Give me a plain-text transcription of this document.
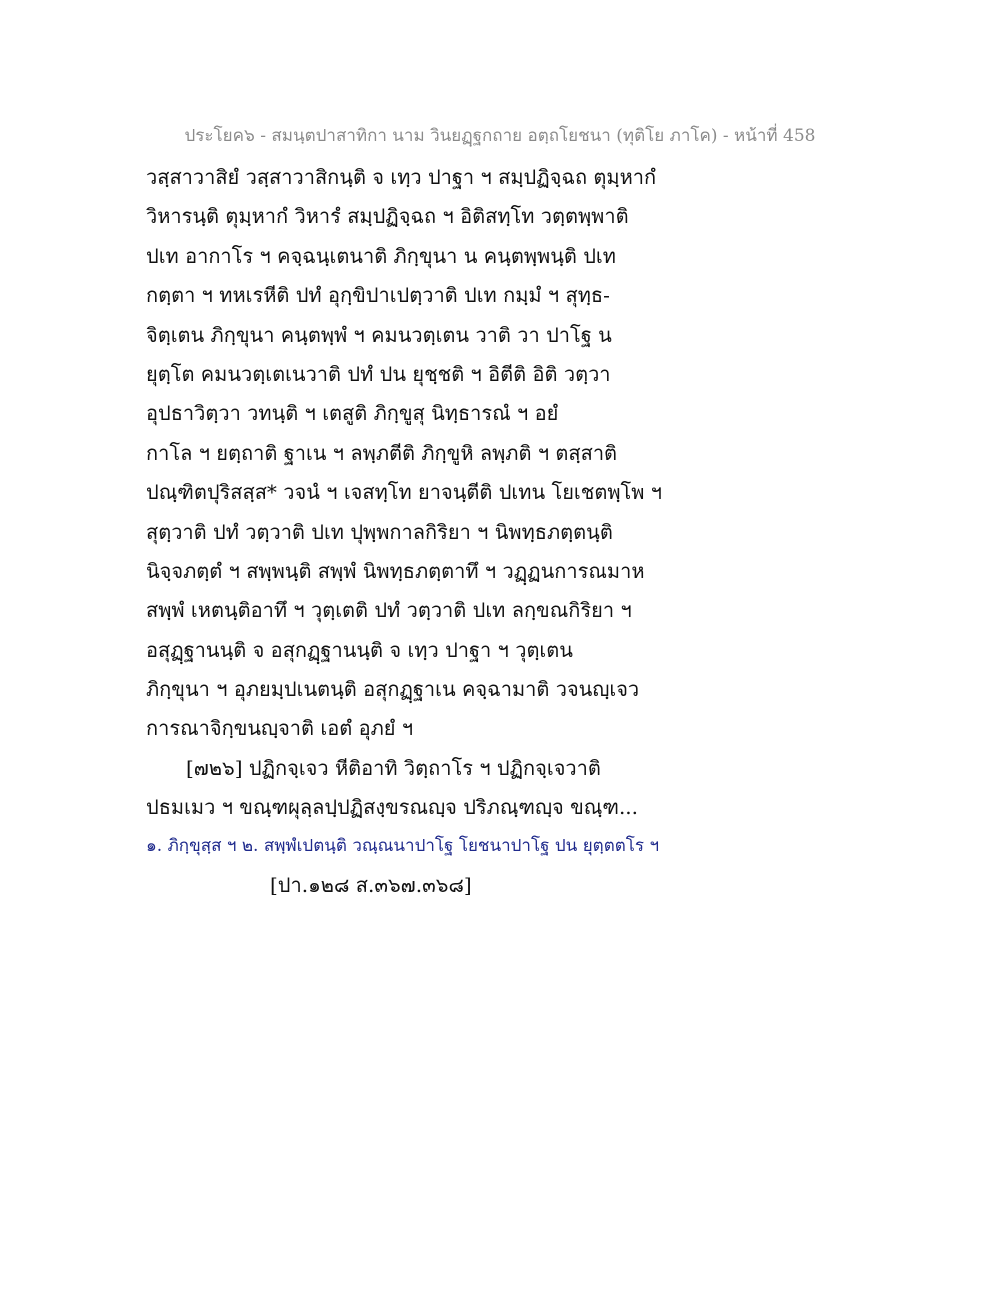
ประโยค๖ - สมนฺตปาสาทิกา นาม วินยฏฺฐกถาย อตฺถโยชนา (ทุติโย ภาโค) - หน้าที่ 458
วสฺสาวาสิยํ วสฺสาวาสิกนฺติ จ เทฺว ปาฐา ฯ สมฺปฏิจฺฉถ ตุมฺหากํ
วิหารนฺติ ตุมฺหากํ วิหารํ สมฺปฏิจฺฉถ ฯ อิติสทฺโท วตฺตพฺพาติ
ปเท อากาโร ฯ คจฺฉนฺเตนาติ ภิกฺขุนา น คนฺตพฺพนฺติ ปเท
กตฺตา ฯ ทหเรหีติ ปทํ อุกฺขิปาเปตฺวาติ ปเท กมฺมํ ฯ สุทฺธ-
จิตฺเตน ภิกฺขุนา คนฺตพฺพํ ฯ คมนวตฺเตน วาติ วา ปาโฐ น
ยุตฺโต คมนวตฺเตเนวาติ ปทํ ปน ยุชฺชติ ฯ อิตีติ อิติ วตฺวา
อุปธาวิตฺวา วทนฺติ ฯ เตสูติ ภิกฺขูสุ นิทฺธารณํ ฯ อยํ
กาโล ฯ ยตฺถาติ ฐาเน ฯ ลพฺภตีติ ภิกฺขูหิ ลพฺภติ ฯ ตสฺสาติ
ปณฺฑิตปุริสสฺส* วจนํ ฯ เจสทฺโท ยาจนฺตีติ ปเทน โยเชตพฺโพ ฯ
สุตฺวาติ ปทํ วตฺวาติ ปเท ปุพฺพกาลกิริยา ฯ นิพทฺธภตฺตนฺติ
นิจฺจภตฺตํ ฯ สพฺพนฺติ สพฺพํ นิพทฺธภตฺตาทึ ฯ วฏฺฏนการณมาห
สพฺพํ เหตนฺติอาทึ ฯ วุตฺเตติ ปทํ วตฺวาติ ปเท ลกฺขณกิริยา ฯ
อสุฏฺฐานนฺติ จ อสุกฏฺฐานนฺติ จ เทฺว ปาฐา ฯ วุตฺเตน
ภิกฺขุนา ฯ อุภยมฺปเนตนฺติ อสุกฏฺฐาเน คจฺฉามาติ วจนญฺเจว
การณาจิกฺขนญฺจาติ เอตํ อุภยํ ฯ
[๗๒๖] ปฏิกจฺเจว หีติอาทิ วิตฺถาโร ฯ ปฏิกจฺเจวาติ
ปธมเมว ฯ ขณฺฑผุลฺลปฺปฏิสงฺขรณญฺจ ปริภณฺฑญฺจ ขณฺฑ...
๑. ภิกฺขุสฺส ฯ ๒. สพฺพํเปตนฺติ วณฺณนาปาโฐ โยชนาปาโฐ ปน ยุตฺตตโร ฯ
[ปา.๑๒๘ ส.๓๖๗.๓๖๘]
